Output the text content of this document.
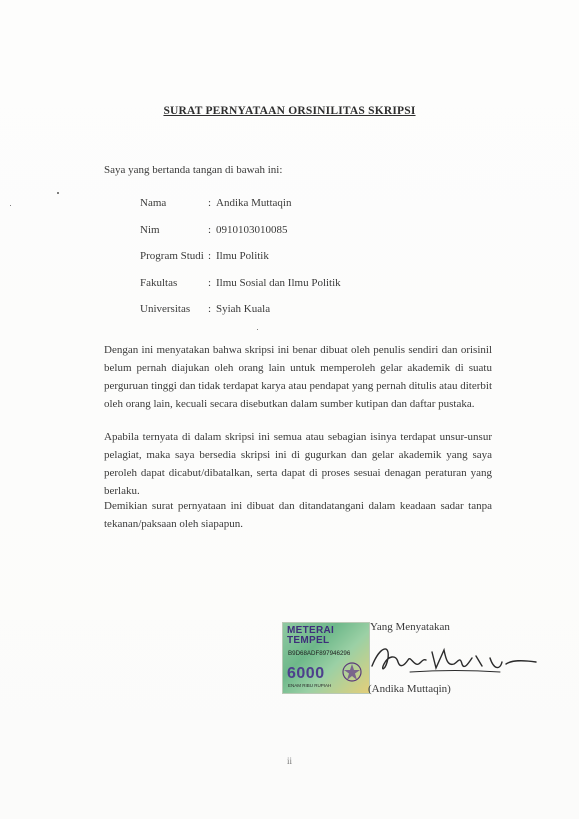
SURAT PERNYATAAN ORSINILITAS SKRIPSI
Saya yang bertanda tangan di bawah ini:
Nama	: Andika Muttaqin
Nim	: 0910103010085
Program Studi : Ilmu Politik
Fakultas	: Ilmu Sosial dan Ilmu Politik
Universitas	: Syiah Kuala
Dengan ini menyatakan bahwa skripsi ini benar dibuat oleh penulis sendiri dan orisinil belum pernah diajukan oleh orang lain untuk memperoleh gelar akademik di suatu perguruan tinggi dan tidak terdapat karya atau pendapat yang pernah ditulis atau diterbit oleh orang lain, kecuali secara disebutkan dalam sumber kutipan dan daftar pustaka.
Apabila ternyata di dalam skripsi ini semua atau sebagian isinya terdapat unsur-unsur pelagiat, maka saya bersedia skripsi ini di gugurkan dan gelar akademik yang saya peroleh dapat dicabut/dibatalkan, serta dapat di proses sesuai denagan peraturan yang berlaku.
Demikian surat pernyataan ini dibuat dan ditandatangani dalam keadaan sadar tanpa tekanan/paksaan oleh siapapun.
METERAI
TEMPEL
B9D68ADF897946296
6000
ENAM RIBU RUPIAH
Yang Menyatakan
(Andika Muttaqin)
ii
